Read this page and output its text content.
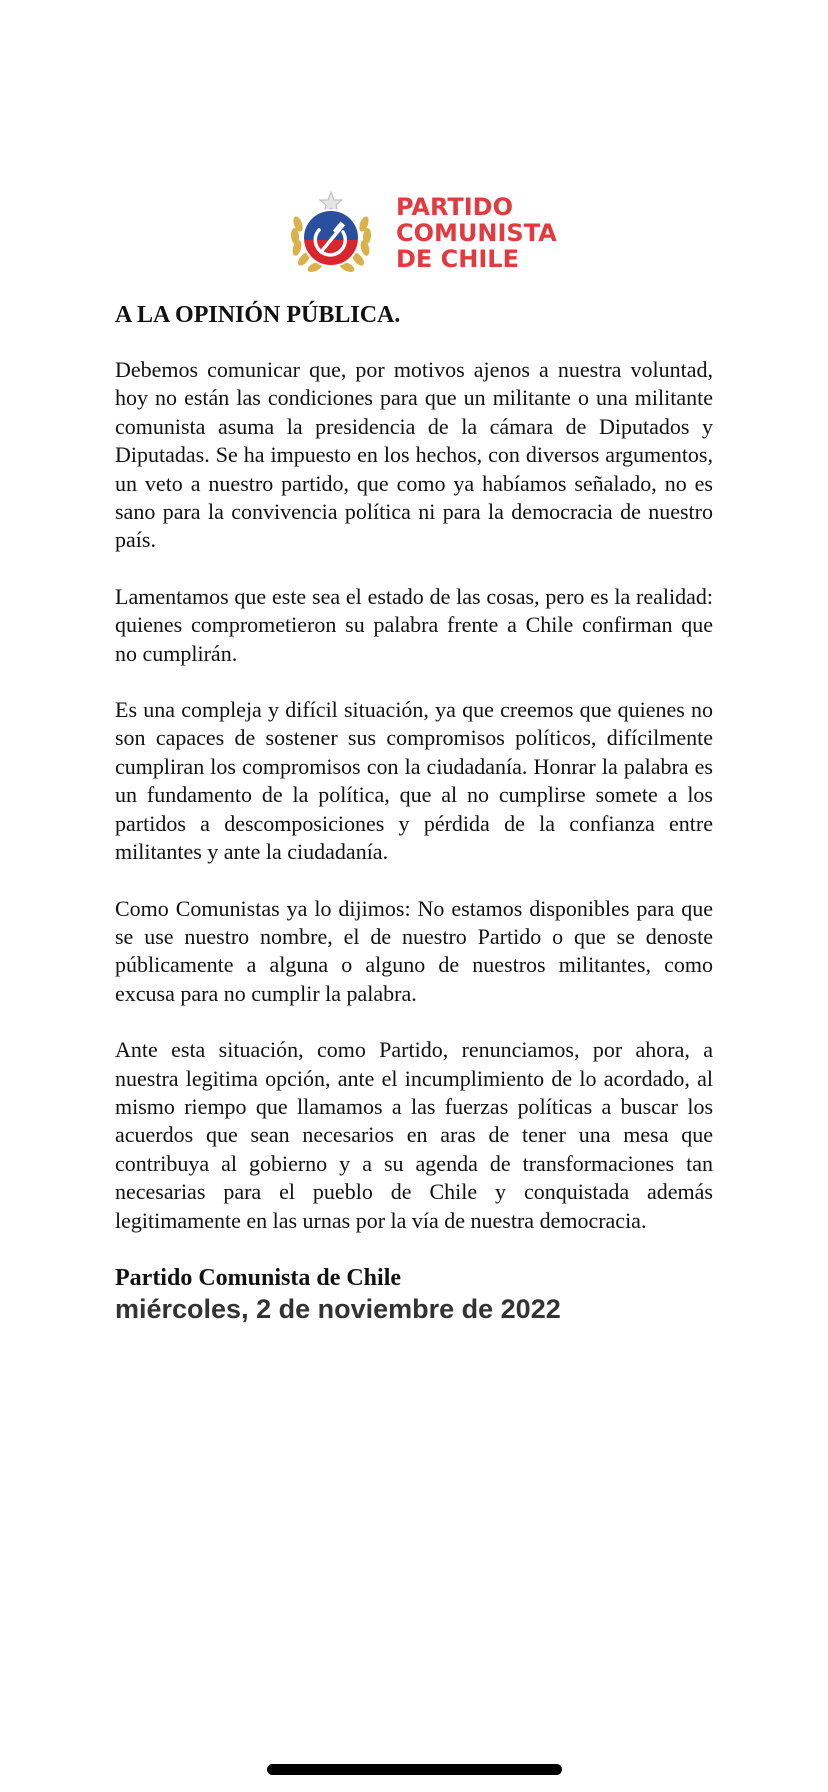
PARTIDO
COMUNISTA
DE CHILE

A LA OPINIÓN PÚBLICA.

Debemos comunicar que, por motivos ajenos a nuestra voluntad, hoy no están las condiciones para que un militante o una militante comunista asuma la presidencia de la cámara de Diputados y Diputadas. Se ha impuesto en los hechos, con diversos argumentos, un veto a nuestro partido, que como ya habíamos señalado, no es sano para la convivencia política ni para la democracia de nuestro país.

Lamentamos que este sea el estado de las cosas, pero es la realidad: quienes comprometieron su palabra frente a Chile confirman que no cumplirán.

Es una compleja y difícil situación, ya que creemos que quienes no son capaces de sostener sus compromisos políticos, difícilmente cumpliran los compromisos con la ciudadanía. Honrar la palabra es un fundamento de la política, que al no cumplirse somete a los partidos a descomposiciones y pérdida de la confianza entre militantes y ante la ciudadanía.

Como Comunistas ya lo dijimos: No estamos disponibles para que se use nuestro nombre, el de nuestro Partido o que se denoste públicamente a alguna o alguno de nuestros militantes, como excusa para no cumplir la palabra.

Ante esta situación, como Partido, renunciamos, por ahora, a nuestra legitima opción, ante el incumplimiento de lo acordado, al mismo riempo que llamamos a las fuerzas políticas a buscar los acuerdos que sean necesarios en aras de tener una mesa que contribuya al gobierno y a su agenda de transformaciones tan necesarias para el pueblo de Chile y conquistada además legitimamente en las urnas por la vía de nuestra democracia.

Partido Comunista de Chile

miércoles, 2 de noviembre de 2022
